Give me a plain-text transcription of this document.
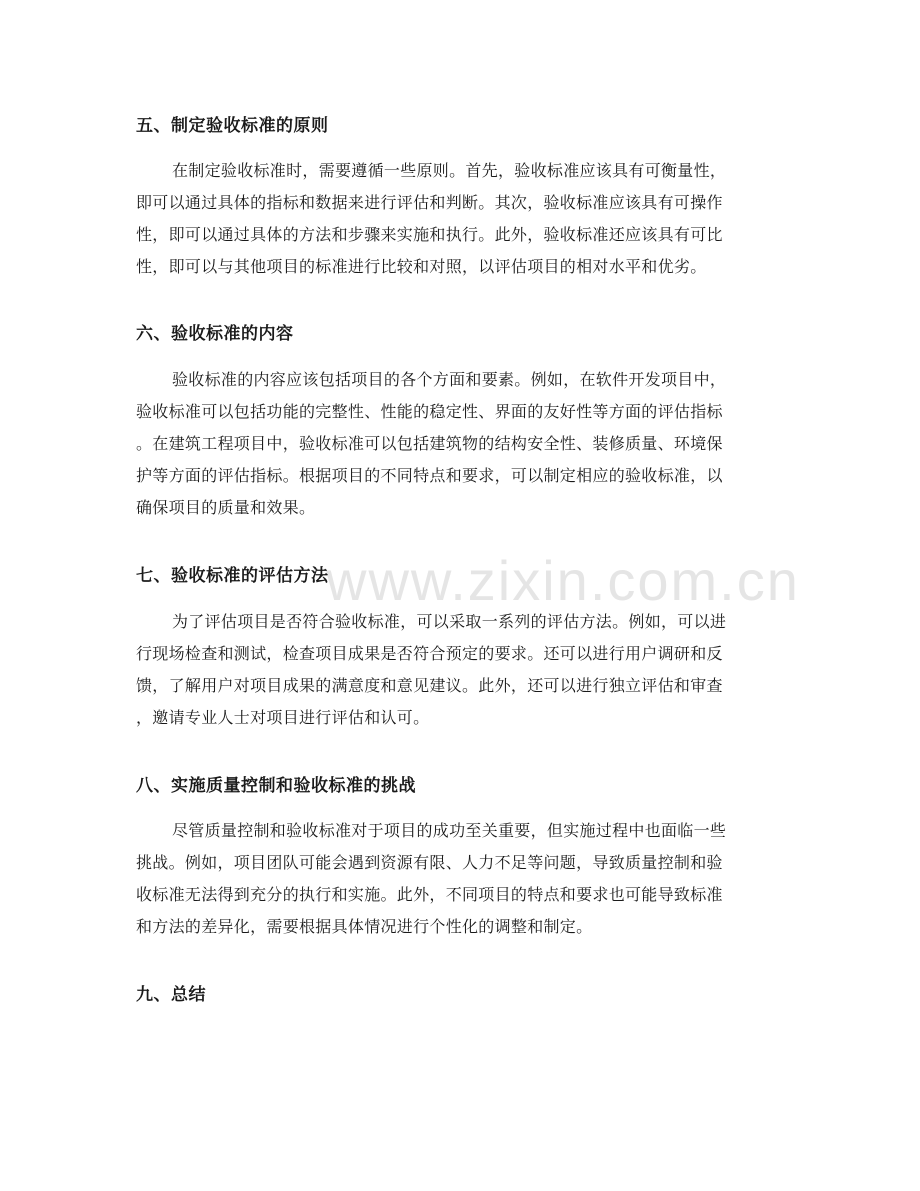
www.zixin.com.cn
五、制定验收标准的原则
在制定验收标准时，需要遵循一些原则。首先，验收标准应该具有可衡量性，
即可以通过具体的指标和数据来进行评估和判断。其次，验收标准应该具有可操作
性，即可以通过具体的方法和步骤来实施和执行。此外，验收标准还应该具有可比
性，即可以与其他项目的标准进行比较和对照，以评估项目的相对水平和优劣。
六、验收标准的内容
验收标准的内容应该包括项目的各个方面和要素。例如，在软件开发项目中，
验收标准可以包括功能的完整性、性能的稳定性、界面的友好性等方面的评估指标
。在建筑工程项目中，验收标准可以包括建筑物的结构安全性、装修质量、环境保
护等方面的评估指标。根据项目的不同特点和要求，可以制定相应的验收标准，以
确保项目的质量和效果。
七、验收标准的评估方法
为了评估项目是否符合验收标准，可以采取一系列的评估方法。例如，可以进
行现场检查和测试，检查项目成果是否符合预定的要求。还可以进行用户调研和反
馈，了解用户对项目成果的满意度和意见建议。此外，还可以进行独立评估和审查
，邀请专业人士对项目进行评估和认可。
八、实施质量控制和验收标准的挑战
尽管质量控制和验收标准对于项目的成功至关重要，但实施过程中也面临一些
挑战。例如，项目团队可能会遇到资源有限、人力不足等问题，导致质量控制和验
收标准无法得到充分的执行和实施。此外，不同项目的特点和要求也可能导致标准
和方法的差异化，需要根据具体情况进行个性化的调整和制定。
九、总结
